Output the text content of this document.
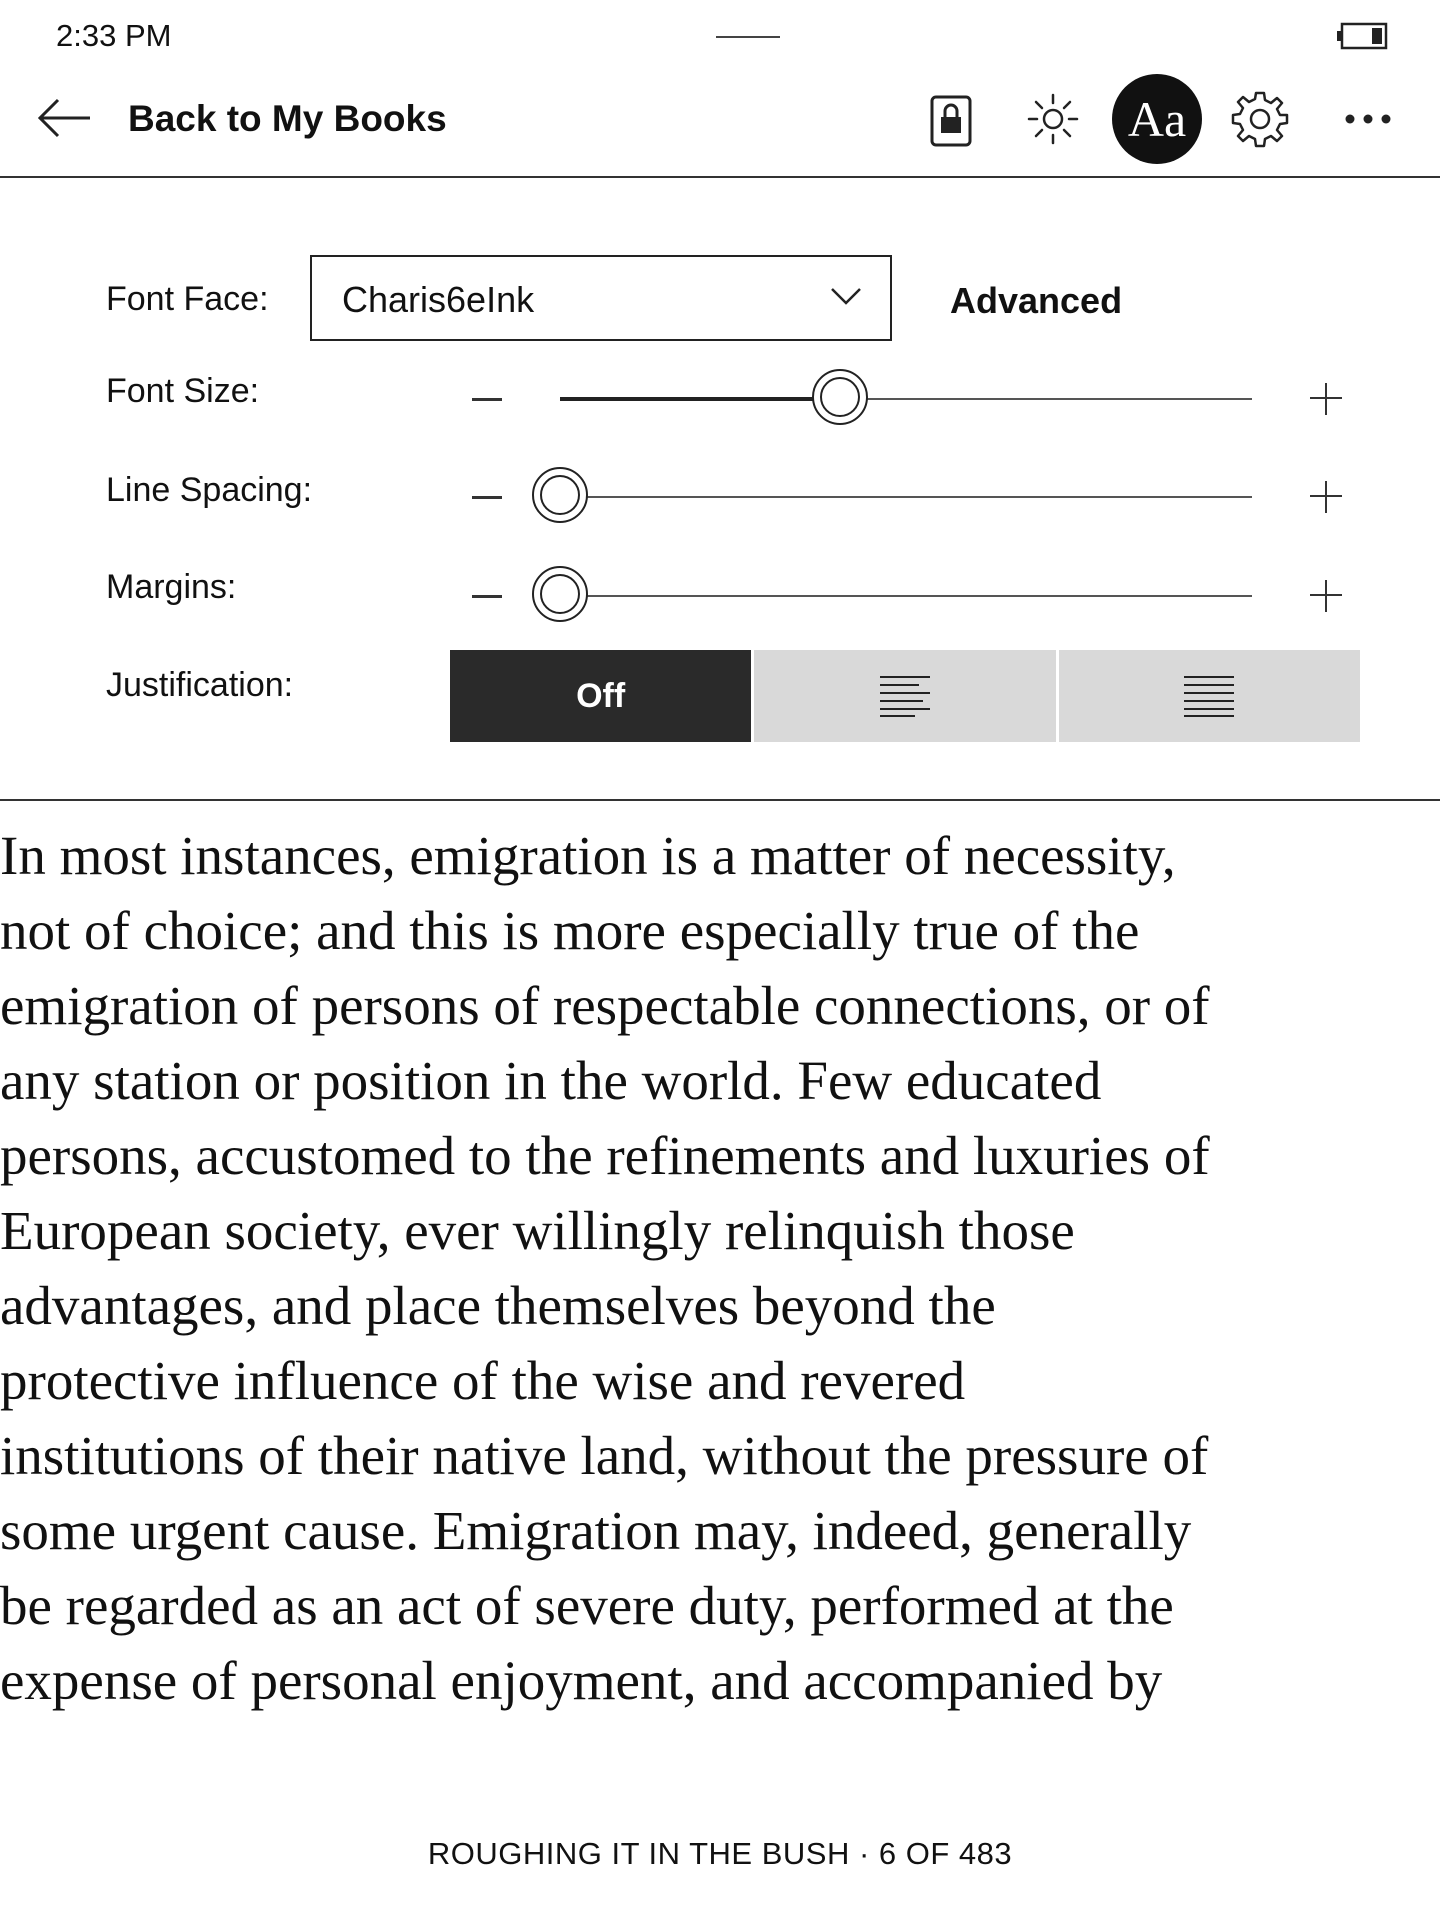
2:33 PM
Back to My Books	Aa
Font Face: Charis6eInk	Advanced
Font Size:
Line Spacing:
Margins:
Justification:	Off
In most instances, emigration is a matter of necessity,
not of choice; and this is more especially true of the
emigration of persons of respectable connections, or of
any station or position in the world. Few educated
persons, accustomed to the refinements and luxuries of
European society, ever willingly relinquish those
advantages, and place themselves beyond the
protective influence of the wise and revered
institutions of their native land, without the pressure of
some urgent cause. Emigration may, indeed, generally
be regarded as an act of severe duty, performed at the
expense of personal enjoyment, and accompanied by
ROUGHING IT IN THE BUSH · 6 OF 483
